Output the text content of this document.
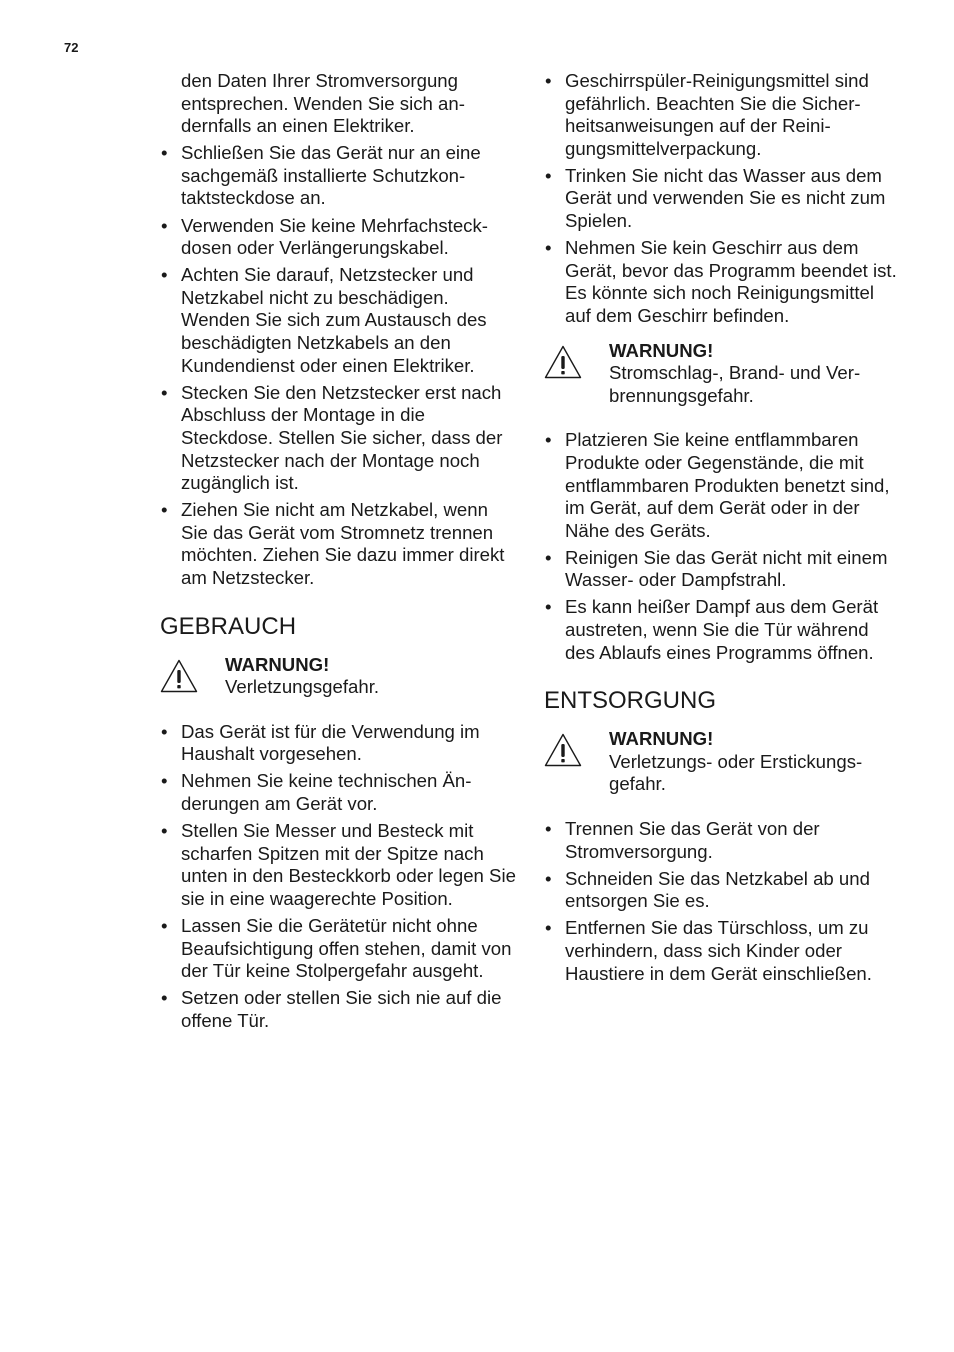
72

den Daten Ihrer Stromversorgung entsprechen. Wenden Sie sich andernfalls an einen Elektriker.

• Schließen Sie das Gerät nur an eine sachgemäß installierte Schutzkontaktsteckdose an.
• Verwenden Sie keine Mehrfachsteckdosen oder Verlängerungskabel.
• Achten Sie darauf, Netzstecker und Netzkabel nicht zu beschädigen. Wenden Sie sich zum Austausch des beschädigten Netzkabels an den Kundendienst oder einen Elektriker.
• Stecken Sie den Netzstecker erst nach Abschluss der Montage in die Steckdose. Stellen Sie sicher, dass der Netzstecker nach der Montage noch zugänglich ist.
• Ziehen Sie nicht am Netzkabel, wenn Sie das Gerät vom Stromnetz trennen möchten. Ziehen Sie dazu immer direkt am Netzstecker.
GEBRAUCH
WARNUNG!
Verletzungsgefahr.
• Das Gerät ist für die Verwendung im Haushalt vorgesehen.
• Nehmen Sie keine technischen Änderungen am Gerät vor.
• Stellen Sie Messer und Besteck mit scharfen Spitzen mit der Spitze nach unten in den Besteckkorb oder legen Sie sie in eine waagerechte Position.
• Lassen Sie die Gerätetür nicht ohne Beaufsichtigung offen stehen, damit von der Tür keine Stolpergefahr ausgeht.
• Setzen oder stellen Sie sich nie auf die offene Tür.
• Geschirrspüler-Reinigungsmittel sind gefährlich. Beachten Sie die Sicherheitsanweisungen auf der Reinigungsmittelverpackung.
• Trinken Sie nicht das Wasser aus dem Gerät und verwenden Sie es nicht zum Spielen.
• Nehmen Sie kein Geschirr aus dem Gerät, bevor das Programm beendet ist. Es könnte sich noch Reinigungsmittel auf dem Geschirr befinden.
WARNUNG!
Stromschlag-, Brand- und Verbrennungsgefahr.
• Platzieren Sie keine entflammbaren Produkte oder Gegenstände, die mit entflammbaren Produkten benetzt sind, im Gerät, auf dem Gerät oder in der Nähe des Geräts.
• Reinigen Sie das Gerät nicht mit einem Wasser- oder Dampfstrahl.
• Es kann heißer Dampf aus dem Gerät austreten, wenn Sie die Tür während des Ablaufs eines Programms öffnen.
ENTSORGUNG
WARNUNG!
Verletzungs- oder Erstickungsgefahr.
• Trennen Sie das Gerät von der Stromversorgung.
• Schneiden Sie das Netzkabel ab und entsorgen Sie es.
• Entfernen Sie das Türschloss, um zu verhindern, dass sich Kinder oder Haustiere in dem Gerät einschließen.
